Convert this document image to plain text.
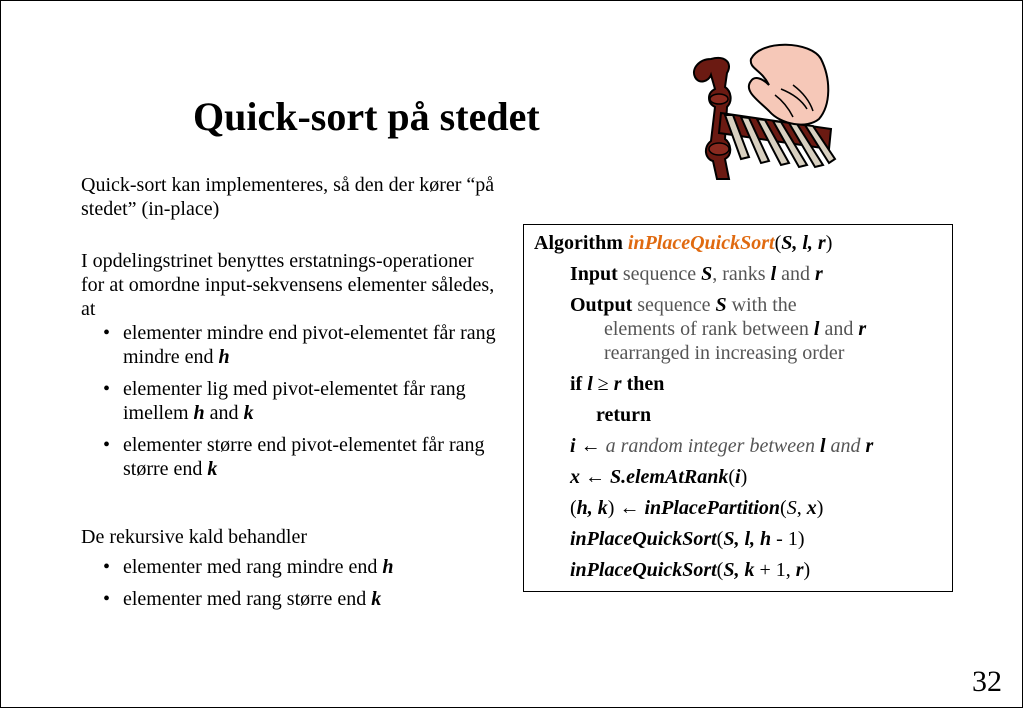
Quick-sort på stedet

Quick-sort kan implementeres, så den der kører “på stedet” (in-place)

I opdelingstrinet benyttes erstatnings-operationer for at omordne input-sekvensens elementer således, at

• elementer mindre end pivot-elementet får rang mindre end h
• elementer lig med pivot-elementet får rang imellem h and k
• elementer større end pivot-elementet får rang større end k

De rekursive kald behandler

• elementer med rang mindre end h
• elementer med rang større end k
Algorithm inPlaceQuickSort(S, l, r)
Input sequence S, ranks l and r
Output sequence S with the
elements of rank between l and r
rearranged in increasing order
if l ≥ r then
return
i ← a random integer between l and r
x ← S.elemAtRank(i)
(h, k) ← inPlacePartition(S, x)
inPlaceQuickSort(S, l, h - 1)
inPlaceQuickSort(S, k + 1, r)
32
